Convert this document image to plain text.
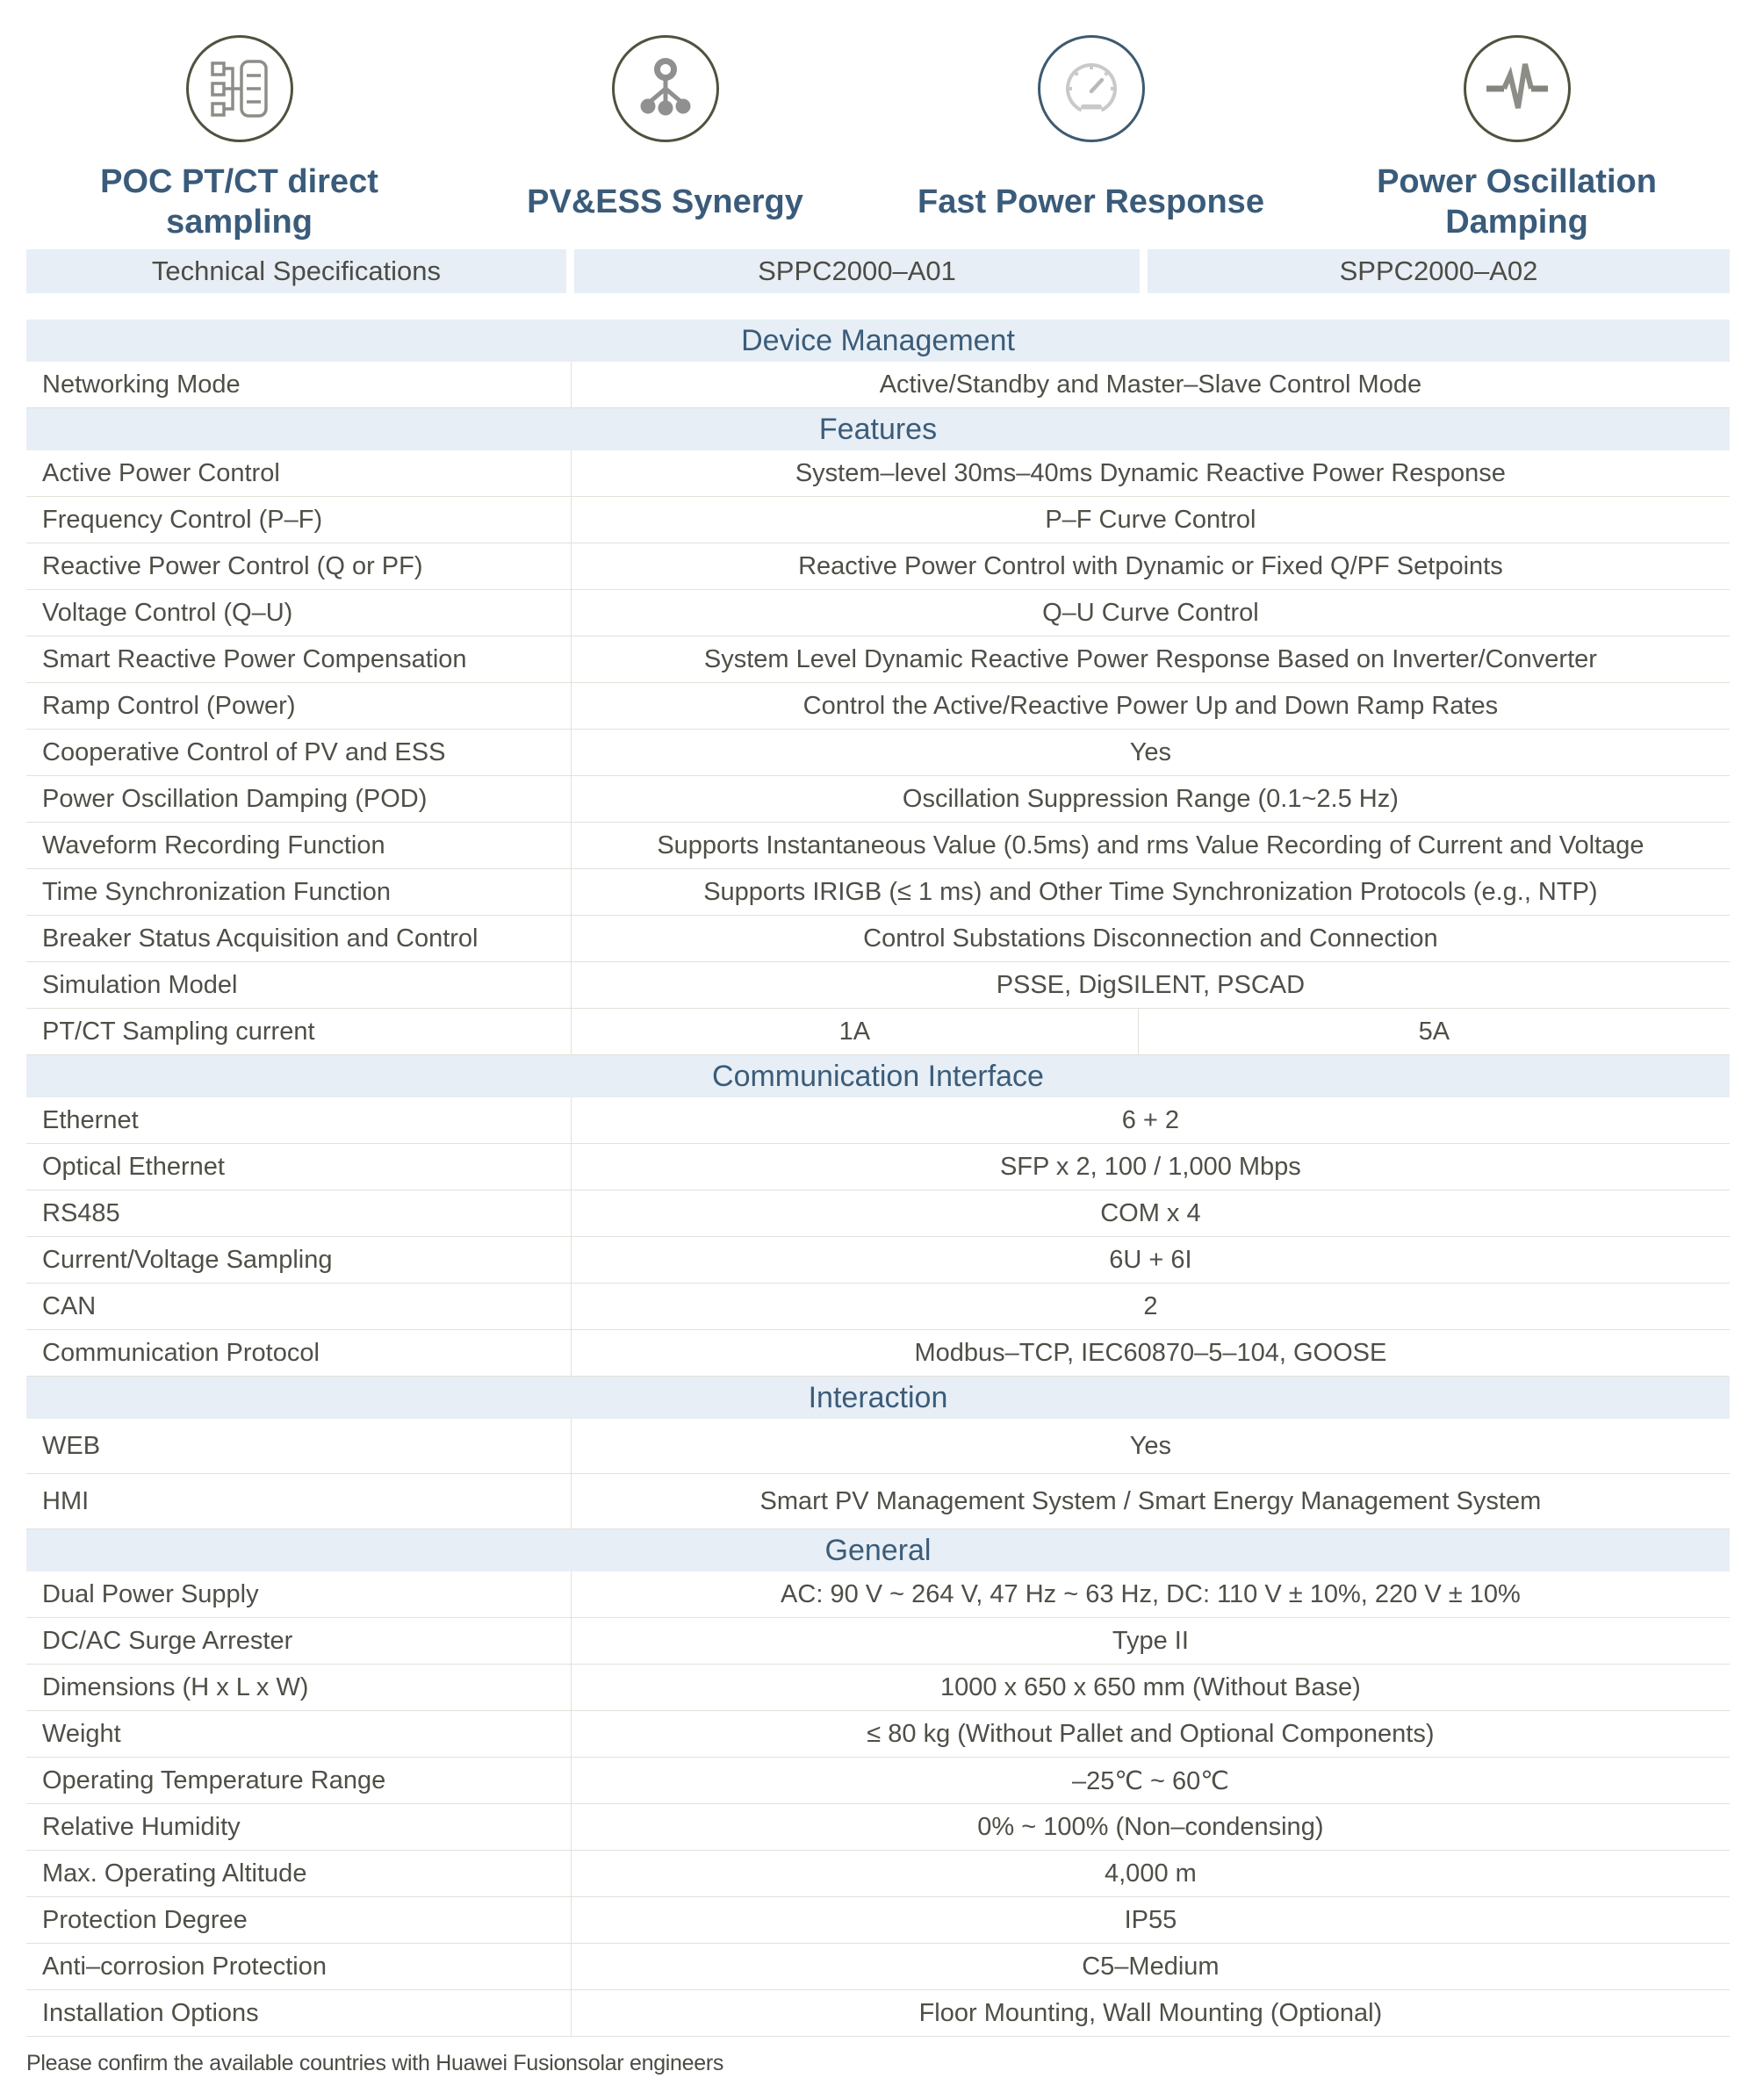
POC PT/CT direct sampling
PV&ESS Synergy	Fast Power Response
Power Oscillation Damping
Technical Specifications	SPPC2000–A01	SPPC2000–A02
Device Management
Networking Mode	Active/Standby and Master–Slave Control Mode
Features
Active Power Control	System–level 30ms–40ms Dynamic Reactive Power Response
Frequency Control (P–F)	P–F Curve Control
Reactive Power Control (Q or PF)	Reactive Power Control with Dynamic or Fixed Q/PF Setpoints
Voltage Control (Q–U)	Q–U Curve Control
Smart Reactive Power Compensation	System Level Dynamic Reactive Power Response Based on Inverter/Converter
Ramp Control (Power)	Control the Active/Reactive Power Up and Down Ramp Rates
Cooperative Control of PV and ESS	Yes
Power Oscillation Damping (POD)	Oscillation Suppression Range (0.1~2.5 Hz)
Waveform Recording Function	Supports Instantaneous Value (0.5ms) and rms Value Recording of Current and Voltage
Time Synchronization Function	Supports IRIGB (≤ 1 ms) and Other Time Synchronization Protocols (e.g., NTP)
Breaker Status Acquisition and Control	Control Substations Disconnection and Connection
Simulation Model	PSSE, DigSILENT, PSCAD
PT/CT Sampling current	1A	5A
Communication Interface
Ethernet	6 + 2
Optical Ethernet	SFP x 2, 100 / 1,000 Mbps
RS485	COM x 4
Current/Voltage Sampling	6U + 6I
CAN	2
Communication Protocol	Modbus–TCP, IEC60870–5–104, GOOSE
Interaction
WEB	Yes
HMI	Smart PV Management System / Smart Energy Management System
General
Dual Power Supply	AC: 90 V ~ 264 V, 47 Hz ~ 63 Hz, DC: 110 V ± 10%, 220 V ± 10%
DC/AC Surge Arrester	Type II
Dimensions (H x L x W)	1000 x 650 x 650 mm (Without Base)
Weight	≤ 80 kg (Without Pallet and Optional Components)
Operating Temperature Range	–25℃ ~ 60℃
Relative Humidity	0% ~ 100% (Non–condensing)
Max. Operating Altitude	4,000 m
Protection Degree	IP55
Anti–corrosion Protection	C5–Medium
Installation Options	Floor Mounting, Wall Mounting (Optional)
Please confirm the available countries with Huawei Fusionsolar engineers
